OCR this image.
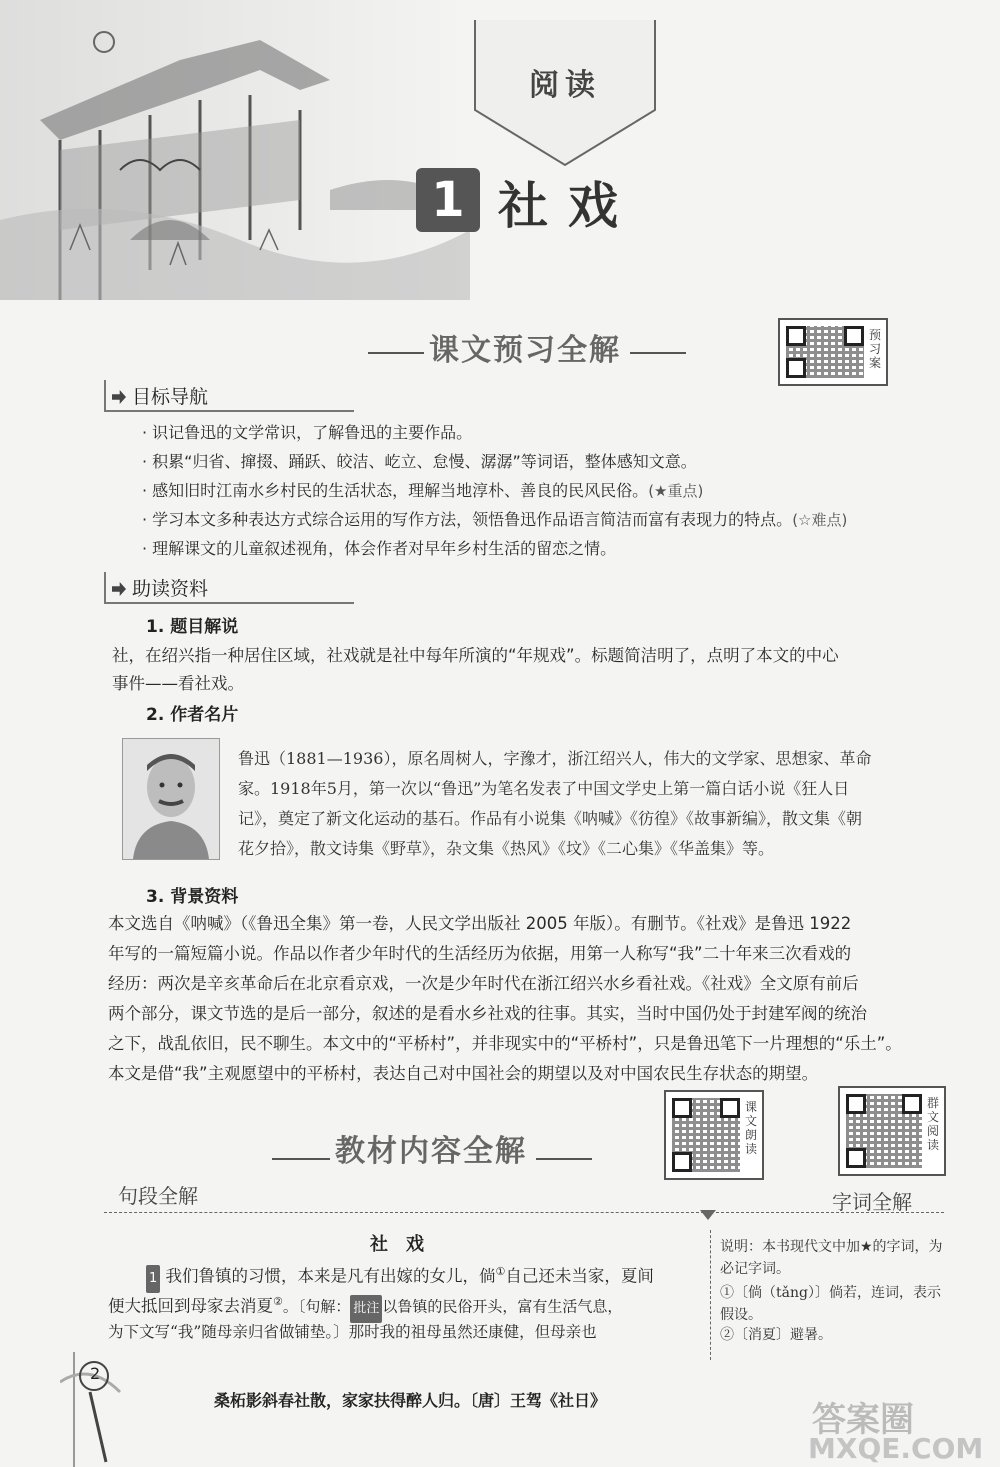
阅读
1 社戏
预习案
课文预习全解
目标导航
· 识记鲁迅的文学常识，了解鲁迅的主要作品。
· 积累“归省、撺掇、踊跃、皎洁、屹立、怠慢、潺潺”等词语，整体感知文意。
· 感知旧时江南水乡村民的生活状态，理解当地淳朴、善良的民风民俗。(★重点)
· 学习本文多种表达方式综合运用的写作方法，领悟鲁迅作品语言简洁而富有表现力的特点。(☆难点)
· 理解课文的儿童叙述视角，体会作者对早年乡村生活的留恋之情。
助读资料
1. 题目解说
社，在绍兴指一种居住区域，社戏就是社中每年所演的“年规戏”。标题简洁明了，点明了本文的中心
事件——看社戏。
2. 作者名片
鲁迅（1881—1936），原名周树人，字豫才，浙江绍兴人，伟大的文学家、思想家、革命
家。1918年5月，第一次以“鲁迅”为笔名发表了中国文学史上第一篇白话小说《狂人日
记》，奠定了新文化运动的基石。作品有小说集《呐喊》《彷徨》《故事新编》，散文集《朝
花夕拾》，散文诗集《野草》，杂文集《热风》《坟》《二心集》《华盖集》等。
3. 背景资料
本文选自《呐喊》（《鲁迅全集》第一卷，人民文学出版社 2005 年版）。有删节。《社戏》是鲁迅 1922
年写的一篇短篇小说。作品以作者少年时代的生活经历为依据，用第一人称写“我”二十年来三次看戏的
经历：两次是辛亥革命后在北京看京戏，一次是少年时代在浙江绍兴水乡看社戏。《社戏》全文原有前后
两个部分，课文节选的是后一部分，叙述的是看水乡社戏的往事。其实，当时中国仍处于封建军阀的统治
之下，战乱依旧，民不聊生。本文中的“平桥村”，并非现实中的“平桥村”，只是鲁迅笔下一片理想的“乐土”。
本文是借“我”主观愿望中的平桥村，表达自己对中国社会的期望以及对中国农民生存状态的期望。
课文朗读
群文阅读
教材内容全解
句段全解	字词全解
社　戏
1 我们鲁镇的习惯，本来是凡有出嫁的女儿，倘①自己还未当家，夏间
便大抵回到母家去消夏②。〔句解： 批注 以鲁镇的民俗开头，富有生活气息，
为下文写“我”随母亲归省做铺垫。〕那时我的祖母虽然还康健，但母亲也
说明：本书现代文中加★的字词，为必记字词。
①〔倘（tǎng）〕倘若，连词，表示假设。
②〔消夏〕避暑。
2
桑柘影斜春社散，家家扶得醉人归。〔唐〕王驾《社日》	答案圈
MXQE.COM
